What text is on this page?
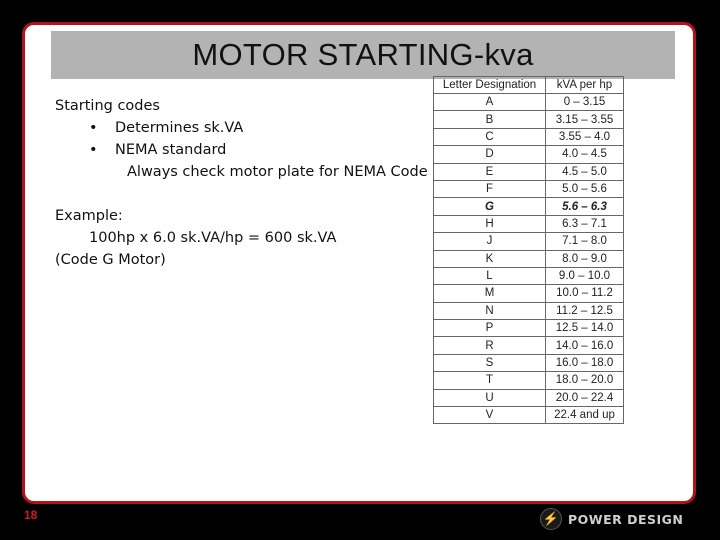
MOTOR STARTING-kva
Starting codes
• Determines sk.VA
• NEMA standard
Always check motor plate for NEMA Code
Example:
100hp x 6.0 sk.VA/hp = 600 sk.VA
(Code G Motor)
Letter Designation	kVA per hp
A	0 – 3.15
B	3.15 – 3.55
C	3.55 – 4.0
D	4.0 – 4.5
E	4.5 – 5.0
F	5.0 – 5.6
G	5.6 – 6.3
H	6.3 – 7.1
J	7.1 – 8.0
K	8.0 – 9.0
L	9.0 – 10.0
M	10.0 – 11.2
N	11.2 – 12.5
P	12.5 – 14.0
R	14.0 – 16.0
S	16.0 – 18.0
T	18.0 – 20.0
U	20.0 – 22.4
V	22.4 and up
18	⚡ POWER DESIGN
